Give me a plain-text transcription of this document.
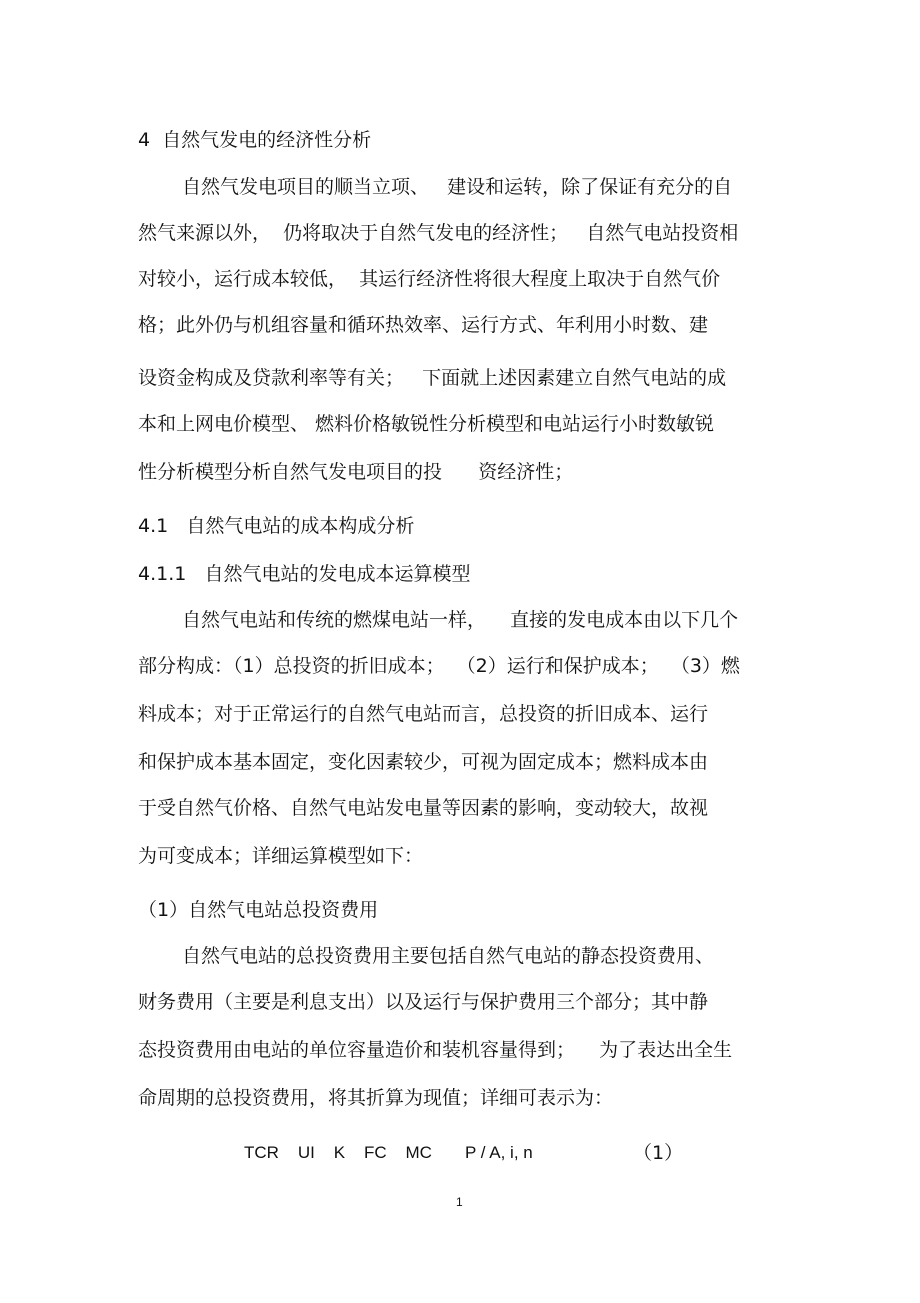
4  自然气发电的经济性分析
自然气发电项目的顺当立项、   建设和运转，除了保证有充分的自
然气来源以外，  仍将取决于自然气发电的经济性；   自然气电站投资相
对较小，运行成本较低，  其运行经济性将很大程度上取决于自然气价
格；此外仍与机组容量和循环热效率、运行方式、年利用小时数、建
设资金构成及贷款利率等有关；   下面就上述因素建立自然气电站的成
本和上网电价模型、 燃料价格敏锐性分析模型和电站运行小时数敏锐
性分析模型分析自然气发电项目的投      资经济性；
4.1   自然气电站的成本构成分析
4.1.1   自然气电站的发电成本运算模型
自然气电站和传统的燃煤电站一样，    直接的发电成本由以下几个
部分构成：（1）总投资的折旧成本；  （2）运行和保护成本；  （3）燃
料成本；对于正常运行的自然气电站而言，总投资的折旧成本、运行
和保护成本基本固定，变化因素较少，可视为固定成本；燃料成本由
于受自然气价格、自然气电站发电量等因素的影响，变动较大，故视
为可变成本；详细运算模型如下：
（1）自然气电站总投资费用
自然气电站的总投资费用主要包括自然气电站的静态投资费用、
财务费用（主要是利息支出）以及运行与保护费用三个部分；其中静
态投资费用由电站的单位容量造价和装机容量得到；    为了表达出全生
命周期的总投资费用，将其折算为现值；详细可表示为：
TCR    UI    K    FC    MC       P / A, i, n	（1）
1
